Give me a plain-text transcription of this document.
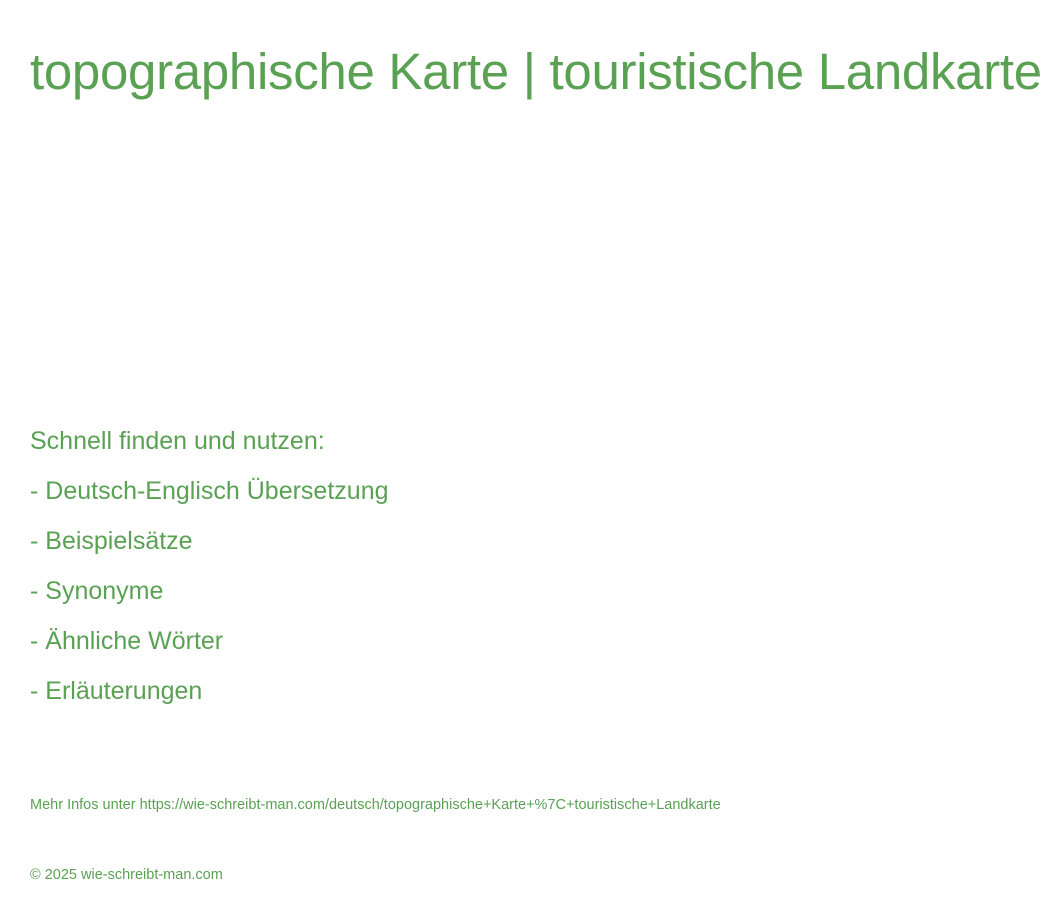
topographische Karte | touristische Landkarte
Schnell finden und nutzen:
- Deutsch-Englisch Übersetzung
- Beispielsätze
- Synonyme
- Ähnliche Wörter
- Erläuterungen
Mehr Infos unter https://wie-schreibt-man.com/deutsch/topographische+Karte+%7C+touristische+Landkarte
© 2025 wie-schreibt-man.com
